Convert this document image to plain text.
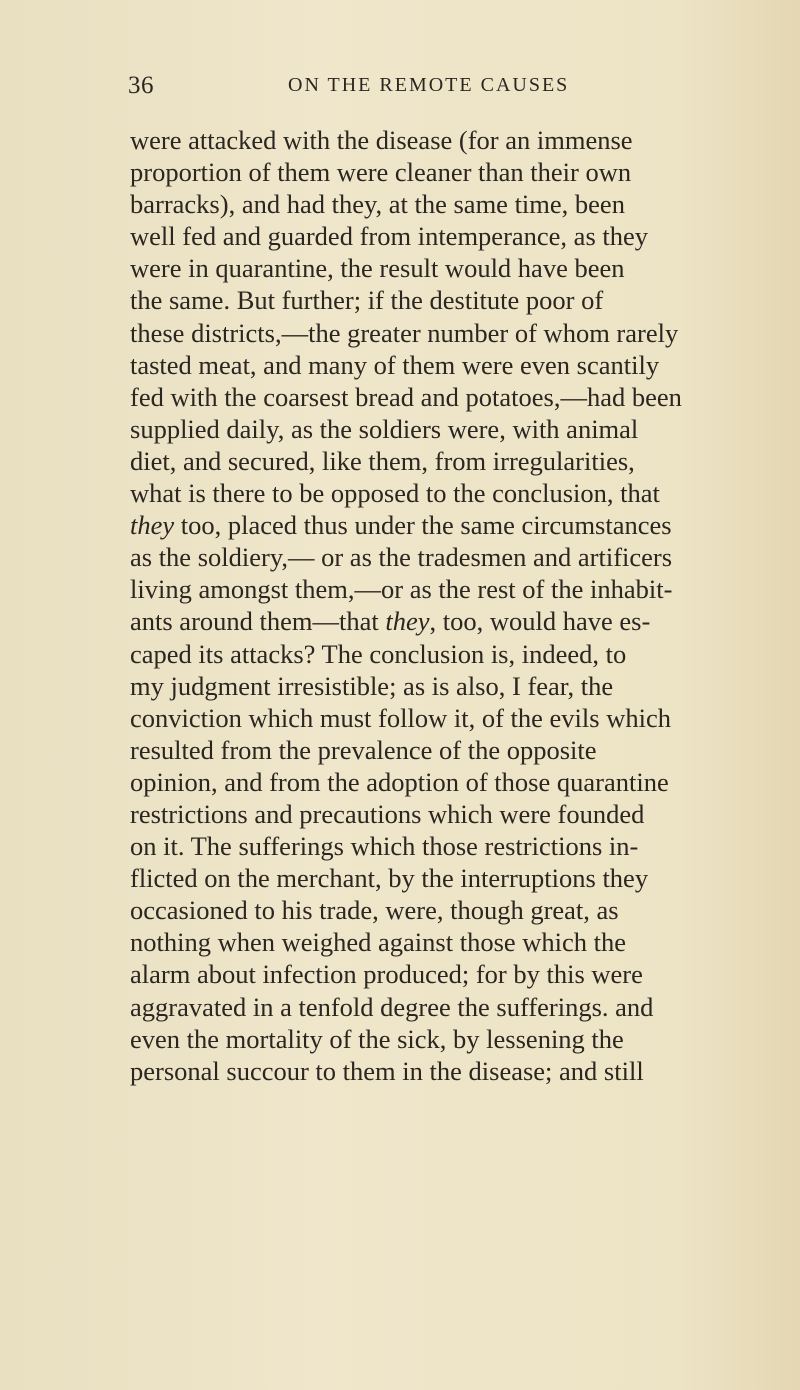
36	ON THE REMOTE CAUSES
were attacked with the disease (for an immense
proportion of them were cleaner than their own
barracks), and had they, at the same time, been
well fed and guarded from intemperance, as they
were in quarantine, the result would have been
the same. But further; if the destitute poor of
these districts,—the greater number of whom rarely
tasted meat, and many of them were even scantily
fed with the coarsest bread and potatoes,—had been
supplied daily, as the soldiers were, with animal
diet, and secured, like them, from irregularities,
what is there to be opposed to the conclusion, that
they too, placed thus under the same circumstances
as the soldiery,— or as the tradesmen and artificers
living amongst them,—or as the rest of the inhabit-
ants around them—that they, too, would have es-
caped its attacks? The conclusion is, indeed, to
my judgment irresistible; as is also, I fear, the
conviction which must follow it, of the evils which
resulted from the prevalence of the opposite
opinion, and from the adoption of those quarantine
restrictions and precautions which were founded
on it. The sufferings which those restrictions in-
flicted on the merchant, by the interruptions they
occasioned to his trade, were, though great, as
nothing when weighed against those which the
alarm about infection produced; for by this were
aggravated in a tenfold degree the sufferings. and
even the mortality of the sick, by lessening the
personal succour to them in the disease; and still
